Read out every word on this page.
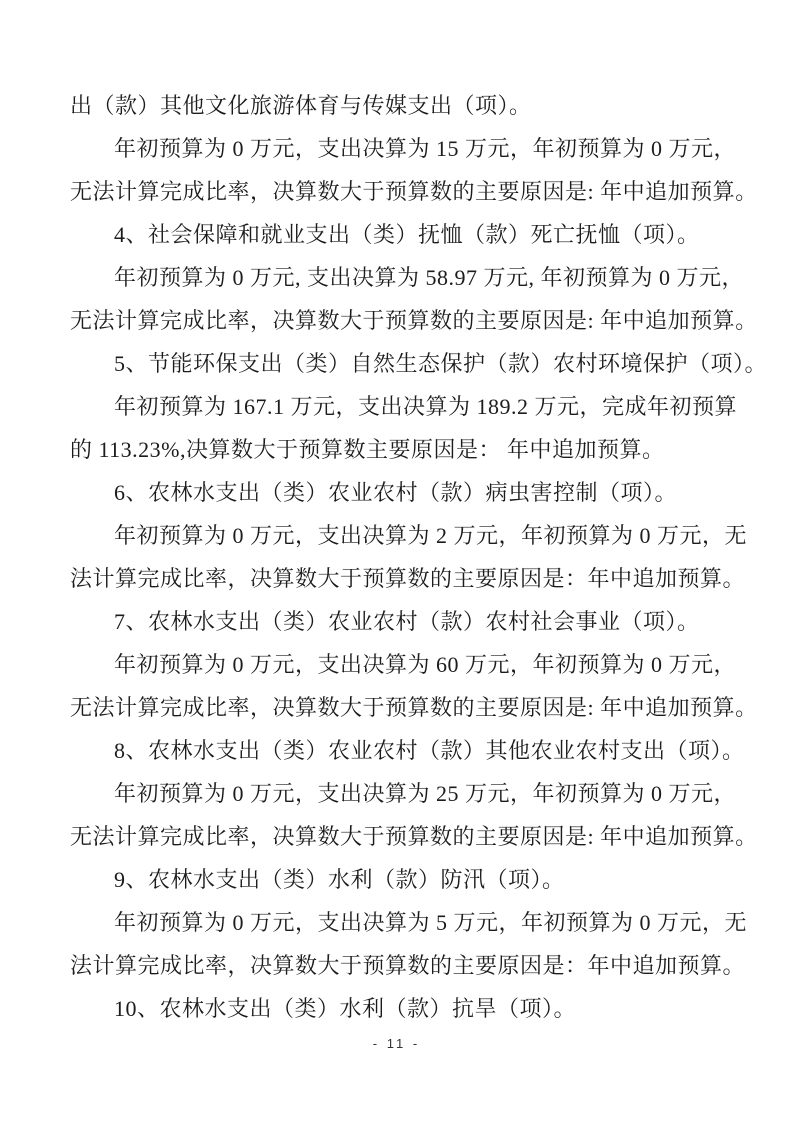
出（款）其他文化旅游体育与传媒支出（项）。
年初预算为 0 万元，支出决算为 15 万元，年初预算为 0 万元，
无法计算完成比率，决算数大于预算数的主要原因是: 年中追加预算。
4、社会保障和就业支出（类）抚恤（款）死亡抚恤（项）。
年初预算为 0 万元, 支出决算为 58.97 万元, 年初预算为 0 万元，
无法计算完成比率，决算数大于预算数的主要原因是: 年中追加预算。
5、节能环保支出（类）自然生态保护（款）农村环境保护（项）。
年初预算为 167.1 万元，支出决算为 189.2 万元，完成年初预算
的 113.23%,决算数大于预算数主要原因是： 年中追加预算。
6、农林水支出（类）农业农村（款）病虫害控制（项）。
年初预算为 0 万元，支出决算为 2 万元，年初预算为 0 万元，无
法计算完成比率，决算数大于预算数的主要原因是：年中追加预算。
7、农林水支出（类）农业农村（款）农村社会事业（项）。
年初预算为 0 万元，支出决算为 60 万元，年初预算为 0 万元，
无法计算完成比率，决算数大于预算数的主要原因是: 年中追加预算。
8、农林水支出（类）农业农村（款）其他农业农村支出（项）。
年初预算为 0 万元，支出决算为 25 万元，年初预算为 0 万元，
无法计算完成比率，决算数大于预算数的主要原因是: 年中追加预算。
9、农林水支出（类）水利（款）防汛（项）。
年初预算为 0 万元，支出决算为 5 万元，年初预算为 0 万元，无
法计算完成比率，决算数大于预算数的主要原因是：年中追加预算。
10、农林水支出（类）水利（款）抗旱（项）。
- 11 -
